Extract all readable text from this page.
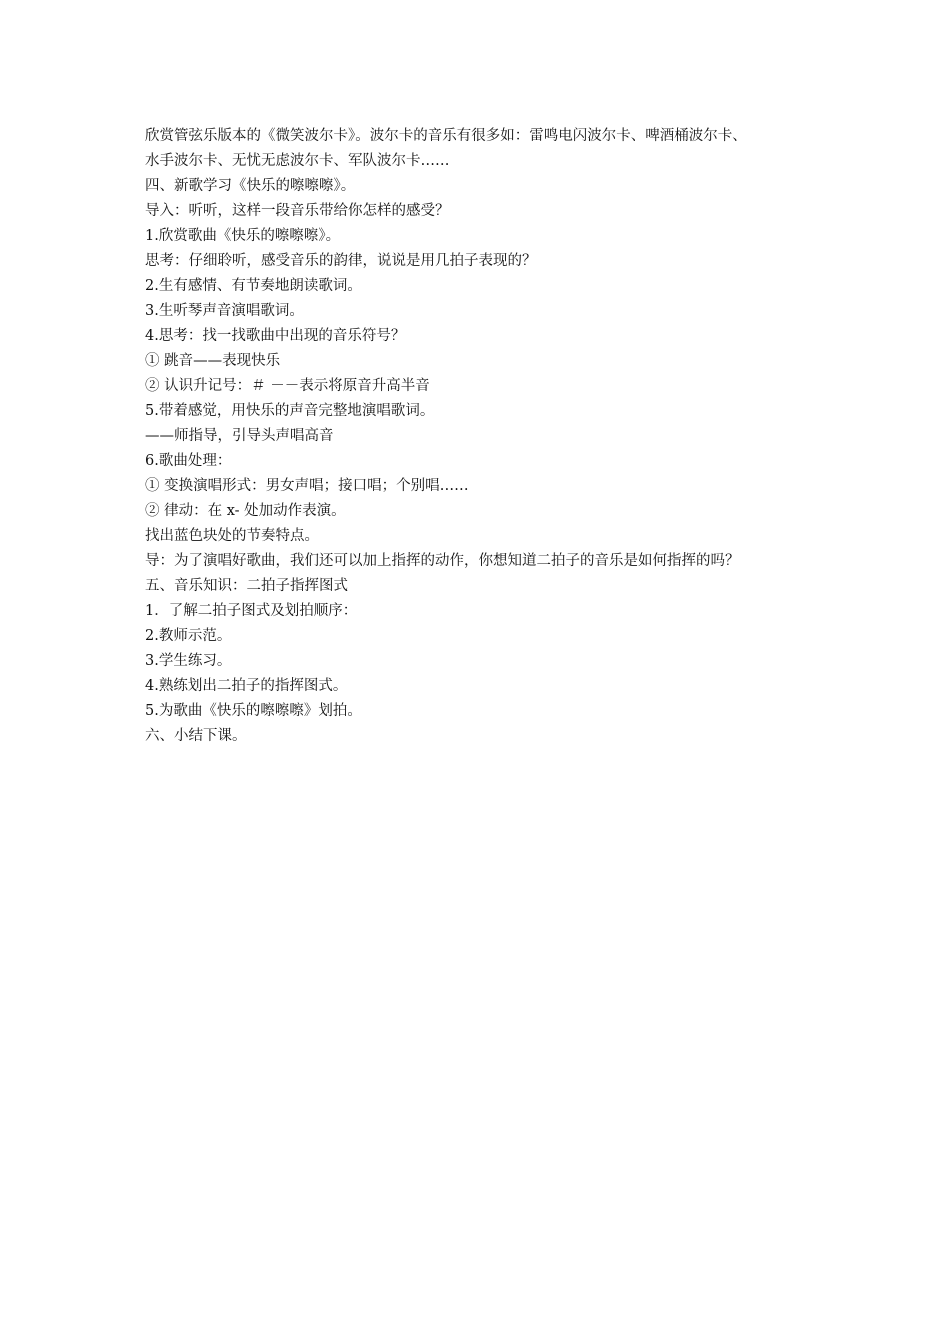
欣赏管弦乐版本的《微笑波尔卡》。波尔卡的音乐有很多如：雷鸣电闪波尔卡、啤酒桶波尔卡、
水手波尔卡、无忧无虑波尔卡、军队波尔卡……
四、新歌学习《快乐的嚓嚓嚓》。
导入：听听，这样一段音乐带给你怎样的感受？
1.欣赏歌曲《快乐的嚓嚓嚓》。
思考：仔细聆听，感受音乐的韵律，说说是用几拍子表现的？
2.生有感情、有节奏地朗读歌词。
3.生听琴声音演唱歌词。
4.思考：找一找歌曲中出现的音乐符号？
① 跳音——表现快乐
② 认识升记号：＃ －－表示将原音升高半音
5.带着感觉，用快乐的声音完整地演唱歌词。
——师指导，引导头声唱高音
6.歌曲处理：
① 变换演唱形式：男女声唱；接口唱；个别唱……
② 律动：在 x- 处加动作表演。
找出蓝色块处的节奏特点。
导：为了演唱好歌曲，我们还可以加上指挥的动作，你想知道二拍子的音乐是如何指挥的吗？
五、音乐知识：二拍子指挥图式
1．了解二拍子图式及划拍顺序：
2.教师示范。
3.学生练习。
4.熟练划出二拍子的指挥图式。
5.为歌曲《快乐的嚓嚓嚓》划拍。
六、小结下课。
